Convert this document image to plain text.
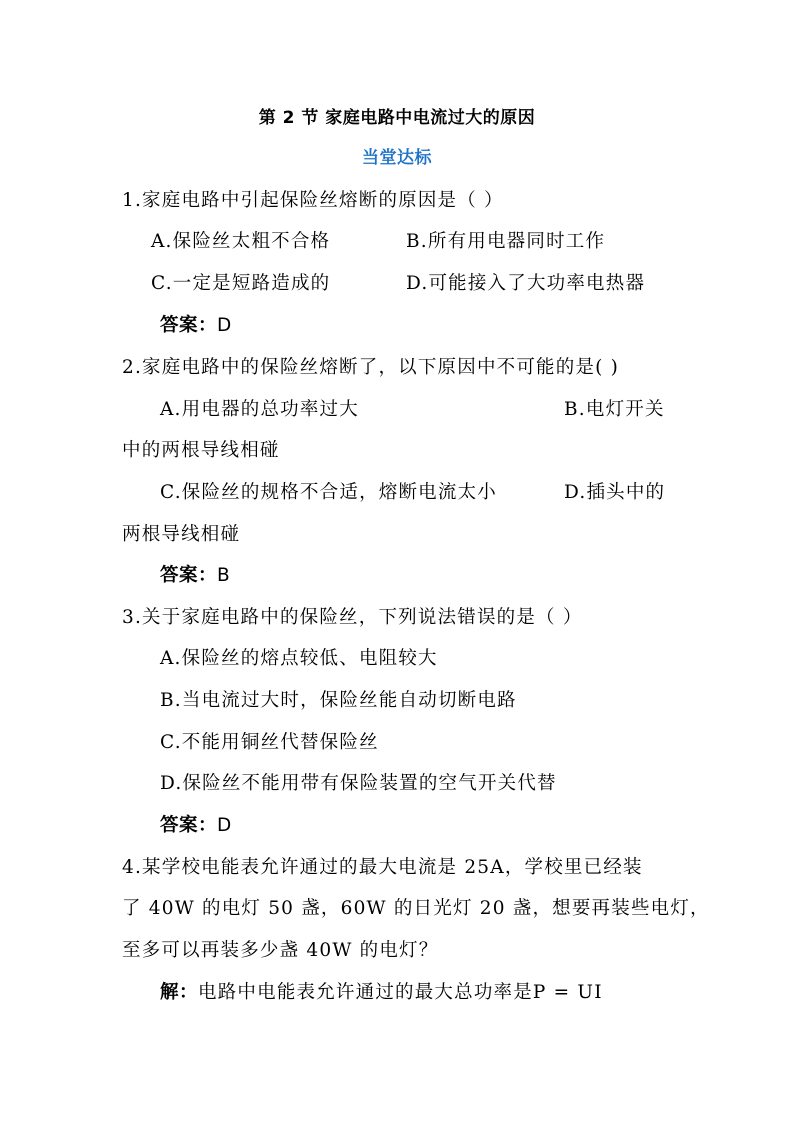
第 2 节 家庭电路中电流过大的原因
当堂达标
1.家庭电路中引起保险丝熔断的原因是（ ）
A.保险丝太粗不合格	B.所有用电器同时工作
C.一定是短路造成的	D.可能接入了大功率电热器
答案：D
2.家庭电路中的保险丝熔断了，以下原因中不可能的是( )
A.用电器的总功率过大	B.电灯开关
中的两根导线相碰
C.保险丝的规格不合适，熔断电流太小	D.插头中的
两根导线相碰
答案：B
3.关于家庭电路中的保险丝，下列说法错误的是（ ）
A.保险丝的熔点较低、电阻较大
B.当电流过大时，保险丝能自动切断电路
C.不能用铜丝代替保险丝
D.保险丝不能用带有保险装置的空气开关代替
答案：D
4.某学校电能表允许通过的最大电流是 25A，学校里已经装
了 40W 的电灯 50 盏，60W 的日光灯 20 盏，想要再装些电灯，
至多可以再装多少盏 40W 的电灯？
解：电路中电能表允许通过的最大总功率是P = UI
